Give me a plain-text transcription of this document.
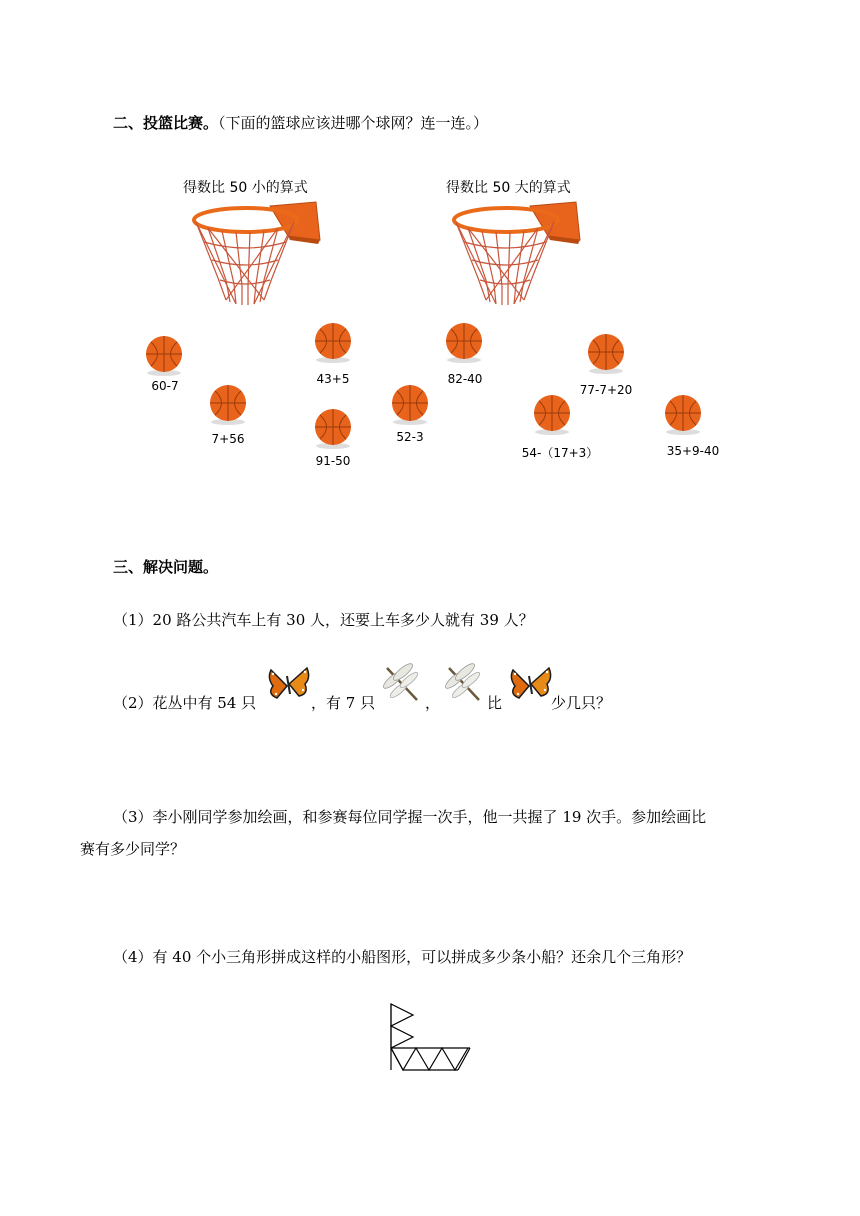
二、投篮比赛。（下面的篮球应该进哪个球网？连一连。）
得数比 50 小的算式	得数比 50 大的算式
60-7
7+56
43+5
91-50
52-3
82-40
54-（17+3）
77-7+20
35+9-40
三、解决问题。
（1）20 路公共汽车上有 30 人，还要上车多少人就有 39 人？
（2）花丛中有 54 只	，有 7 只	，	比	少几只？
（3）李小刚同学参加绘画，和参赛每位同学握一次手，他一共握了 19 次手。参加绘画比
赛有多少同学？
（4）有 40 个小三角形拼成这样的小船图形，可以拼成多少条小船？还余几个三角形？
